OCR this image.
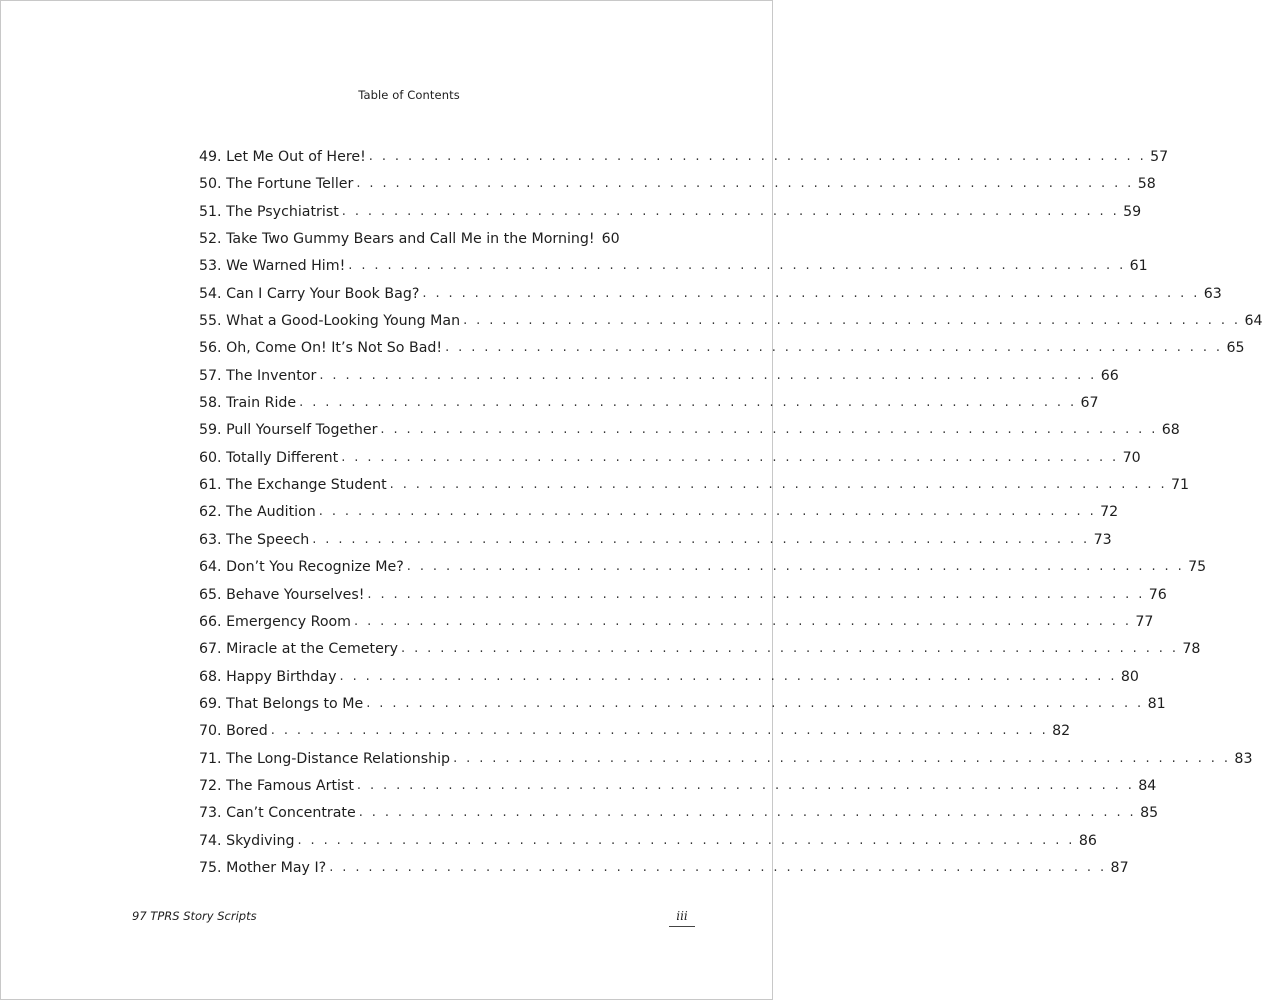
Table of Contents
49. Let Me Out of Here! . . . . . . . . . . . . . . . . . . . . . . . . . . . . . . . . . . . . . . . . . . . . . . . . . . . . . . . . . . . . 57
50. The Fortune Teller . . . . . . . . . . . . . . . . . . . . . . . . . . . . . . . . . . . . . . . . . . . . . . . . . . . . . . . . . . . . 58
51. The Psychiatrist . . . . . . . . . . . . . . . . . . . . . . . . . . . . . . . . . . . . . . . . . . . . . . . . . . . . . . . . . . . . 59
52. Take Two Gummy Bears and Call Me in the Morning! 60
53. We Warned Him! . . . . . . . . . . . . . . . . . . . . . . . . . . . . . . . . . . . . . . . . . . . . . . . . . . . . . . . . . . . . 61
54. Can I Carry Your Book Bag? . . . . . . . . . . . . . . . . . . . . . . . . . . . . . . . . . . . . . . . . . . . . . . . . . . . . . . . . . . . . 63
55. What a Good-Looking Young Man . . . . . . . . . . . . . . . . . . . . . . . . . . . . . . . . . . . . . . . . . . . . . . . . . . . . . . . . . . . . 64
56. Oh, Come On! It’s Not So Bad! . . . . . . . . . . . . . . . . . . . . . . . . . . . . . . . . . . . . . . . . . . . . . . . . . . . . . . . . . . . . 65
57. The Inventor . . . . . . . . . . . . . . . . . . . . . . . . . . . . . . . . . . . . . . . . . . . . . . . . . . . . . . . . . . . . 66
58. Train Ride . . . . . . . . . . . . . . . . . . . . . . . . . . . . . . . . . . . . . . . . . . . . . . . . . . . . . . . . . . . . 67
59. Pull Yourself Together . . . . . . . . . . . . . . . . . . . . . . . . . . . . . . . . . . . . . . . . . . . . . . . . . . . . . . . . . . . . 68
60. Totally Different . . . . . . . . . . . . . . . . . . . . . . . . . . . . . . . . . . . . . . . . . . . . . . . . . . . . . . . . . . . . 70
61. The Exchange Student . . . . . . . . . . . . . . . . . . . . . . . . . . . . . . . . . . . . . . . . . . . . . . . . . . . . . . . . . . . . 71
62. The Audition . . . . . . . . . . . . . . . . . . . . . . . . . . . . . . . . . . . . . . . . . . . . . . . . . . . . . . . . . . . . 72
63. The Speech . . . . . . . . . . . . . . . . . . . . . . . . . . . . . . . . . . . . . . . . . . . . . . . . . . . . . . . . . . . . 73
64. Don’t You Recognize Me? . . . . . . . . . . . . . . . . . . . . . . . . . . . . . . . . . . . . . . . . . . . . . . . . . . . . . . . . . . . . 75
65. Behave Yourselves! . . . . . . . . . . . . . . . . . . . . . . . . . . . . . . . . . . . . . . . . . . . . . . . . . . . . . . . . . . . . 76
66. Emergency Room . . . . . . . . . . . . . . . . . . . . . . . . . . . . . . . . . . . . . . . . . . . . . . . . . . . . . . . . . . . . 77
67. Miracle at the Cemetery . . . . . . . . . . . . . . . . . . . . . . . . . . . . . . . . . . . . . . . . . . . . . . . . . . . . . . . . . . . . 78
68. Happy Birthday . . . . . . . . . . . . . . . . . . . . . . . . . . . . . . . . . . . . . . . . . . . . . . . . . . . . . . . . . . . . 80
69. That Belongs to Me . . . . . . . . . . . . . . . . . . . . . . . . . . . . . . . . . . . . . . . . . . . . . . . . . . . . . . . . . . . . 81
70. Bored . . . . . . . . . . . . . . . . . . . . . . . . . . . . . . . . . . . . . . . . . . . . . . . . . . . . . . . . . . . . 82
71. The Long-Distance Relationship . . . . . . . . . . . . . . . . . . . . . . . . . . . . . . . . . . . . . . . . . . . . . . . . . . . . . . . . . . . . 83
72. The Famous Artist . . . . . . . . . . . . . . . . . . . . . . . . . . . . . . . . . . . . . . . . . . . . . . . . . . . . . . . . . . . . 84
73. Can’t Concentrate . . . . . . . . . . . . . . . . . . . . . . . . . . . . . . . . . . . . . . . . . . . . . . . . . . . . . . . . . . . . 85
74. Skydiving . . . . . . . . . . . . . . . . . . . . . . . . . . . . . . . . . . . . . . . . . . . . . . . . . . . . . . . . . . . . 86
75. Mother May I? . . . . . . . . . . . . . . . . . . . . . . . . . . . . . . . . . . . . . . . . . . . . . . . . . . . . . . . . . . . . 87
97 TPRS Story Scripts	iii
